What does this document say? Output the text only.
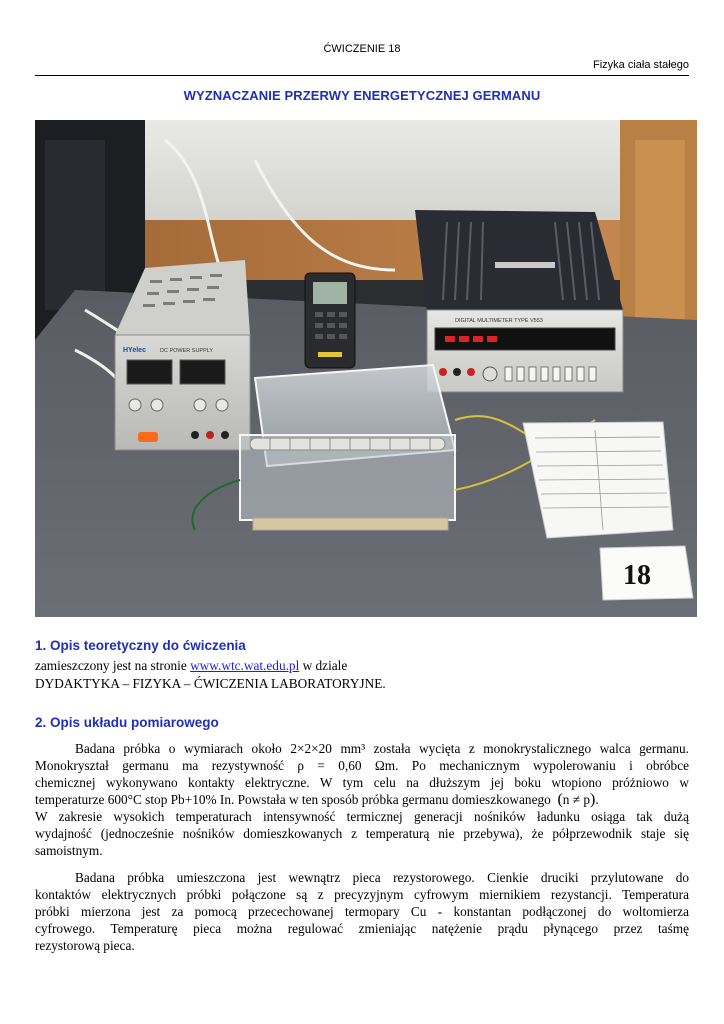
ĆWICZENIE 18
Fizyka ciała stałego
WYZNACZANIE PRZERWY ENERGETYCZNEJ GERMANU
HYelec	DC POWER SUPPLY
DIGITAL MULTIMETER TYPE V553
18
1. Opis teoretyczny do ćwiczenia
zamieszczony jest na stronie www.wtc.wat.edu.pl w dziale
DYDAKTYKA – FIZYKA – ĆWICZENIA LABORATORYJNE.
2. Opis układu pomiarowego
Badana próbka o wymiarach około 2×2×20 mm³ została wycięta z monokrystalicznego walca germanu.
Monokryształ germanu ma rezystywność ρ = 0,60 Ωm. Po mechanicznym wypolerowaniu i obróbce
chemicznej wykonywano kontakty elektryczne. W tym celu na dłuższym jej boku wtopiono próżniowo w
temperaturze 600°C stop Pb+10% In. Powstała w ten sposób próbka germanu domieszkowanego (n ≠ p).
W zakresie wysokich temperaturach intensywność termicznej generacji nośników ładunku osiąga tak dużą
wydajność (jednocześnie nośników domieszkowanych z temperaturą nie przebywa), że półprzewodnik staje się
samoistnym.
Badana próbka umieszczona jest wewnątrz pieca rezystorowego. Cienkie druciki przylutowane do
kontaktów elektrycznych próbki połączone są z precyzyjnym cyfrowym miernikiem rezystancji. Temperatura
próbki mierzona jest za pomocą przecechowanej termopary Cu - konstantan podłączonej do woltomierza
cyfrowego. Temperaturę pieca można regulować zmieniając natężenie prądu płynącego przez taśmę
rezystorową pieca.
